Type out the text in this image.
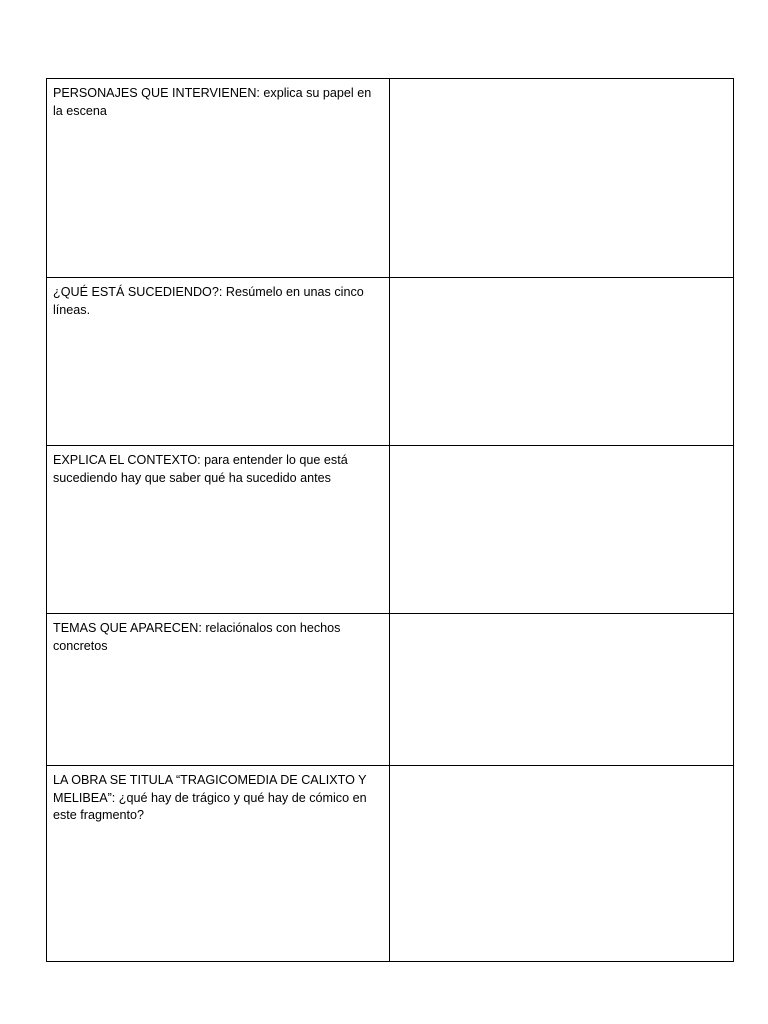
PERSONAJES QUE INTERVIENEN: explica su papel en la escena	
¿QUÉ ESTÁ SUCEDIENDO?: Resúmelo en unas cinco líneas.	
EXPLICA EL CONTEXTO: para entender lo que está sucediendo hay que saber qué ha sucedido antes	
TEMAS QUE APARECEN: relaciónalos con hechos concretos	
LA OBRA SE TITULA “TRAGICOMEDIA DE CALIXTO Y MELIBEA”: ¿qué hay de trágico y qué hay de cómico en este fragmento?	
